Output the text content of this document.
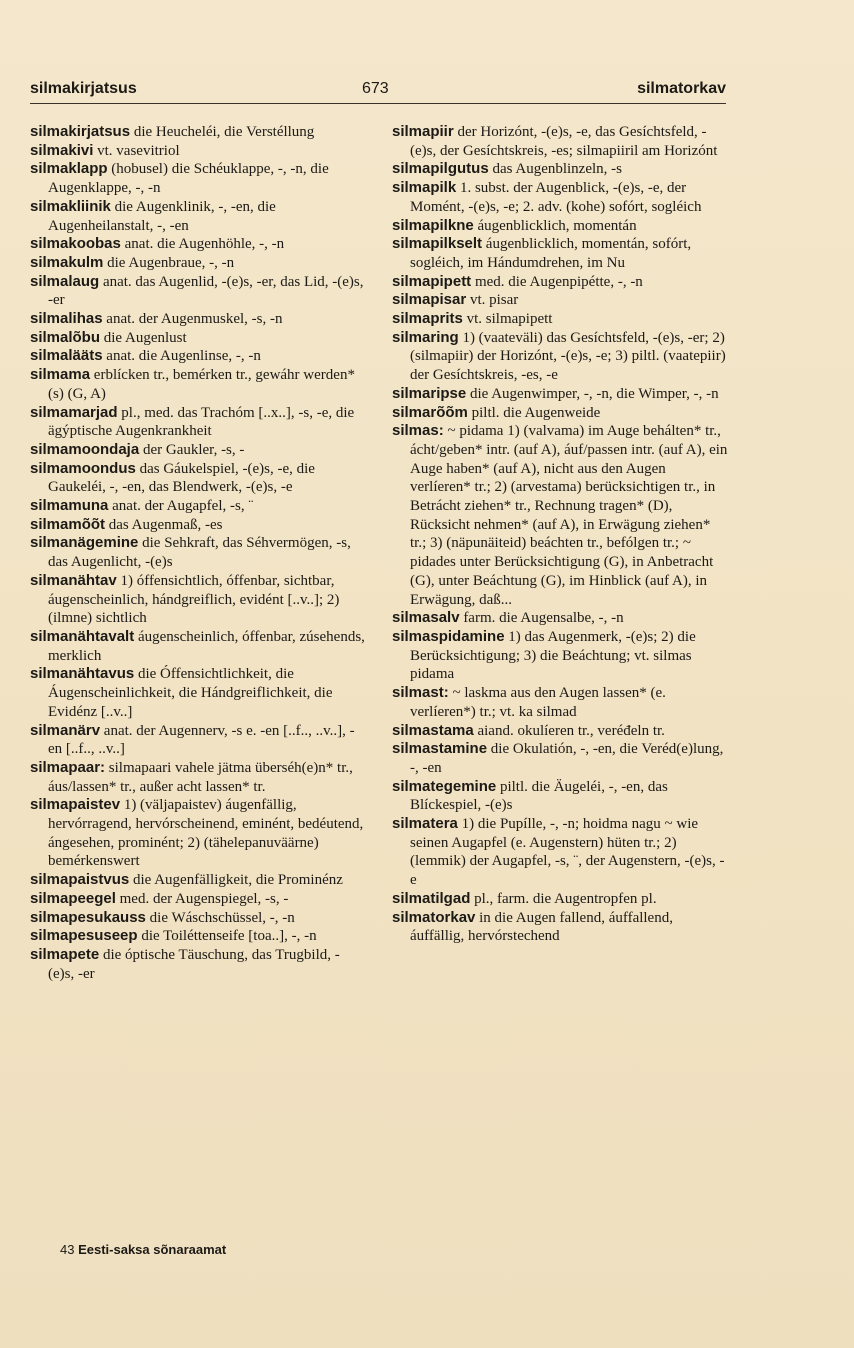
silmakirjatsus	673	silmatorkav

silmakirjatsus die Heucheléi, die Verstéllung

silmakivi vt. vasevitriol

silmaklapp (hobusel) die Schéuklappe, -, -n, die Augenklappe, -, -n

silmakliinik die Augenklinik, -, -en, die Augenheilanstalt, -, -en

silmakoobas anat. die Augenhöhle, -, -n

silmakulm die Augenbraue, -, -n

silmalaug anat. das Augenlid, -(e)s, -er, das Lid, -(e)s, -er

silmalihas anat. der Augenmuskel, -s, -n

silmalõbu die Augenlust

silmalääts anat. die Augenlinse, -, -n

silmama erblícken tr., bemérken tr., gewáhr werden* (s) (G, A)

silmamarjad pl., med. das Trachóm [..x..], -s, -e, die ägýptische Augenkrankheit

silmamoondaja der Gaukler, -s, -

silmamoondus das Gáukelspiel, -(e)s, -e, die Gaukeléi, -, -en, das Blendwerk, -(e)s, -e

silmamuna anat. der Augapfel, -s, ¨

silmamõõt das Augenmaß, -es

silmanägemine die Sehkraft, das Séhvermögen, -s, das Augenlicht, -(e)s

silmanähtav 1) óffensichtlich, óffenbar, sichtbar, áugenscheinlich, hándgreiflich, evidént [..v..]; 2) (ilmne) sichtlich

silmanähtavalt áugenscheinlich, óffenbar, zúsehends, merklich

silmanähtavus die Óffensichtlichkeit, die Áugenscheinlichkeit, die Hándgreiflichkeit, die Evidénz [..v..]

silmanärv anat. der Augennerv, -s e. -en [..f.., ..v..], -en [..f.., ..v..]

silmapaar: silmapaari vahele jätma überséh(e)n* tr., áus/lassen* tr., außer acht lassen* tr.

silmapaistev 1) (väljapaistev) áugenfällig, hervórragend, hervórscheinend, eminént, bedéutend, ángesehen, prominént; 2) (tähelepanuväärne) bemérkenswert

silmapaistvus die Augenfälligkeit, die Prominénz

silmapeegel med. der Augenspiegel, -s, -

silmapesukauss die Wáschschüssel, -, -n

silmapesuseep die Toiléttenseife [toa..], -, -n

silmapete die óptische Täuschung, das Trugbild, -(e)s, -er

silmapiir der Horizónt, -(e)s, -e, das Gesíchtsfeld, -(e)s, der Gesíchtskreis, -es; silmapiiril am Horizónt

silmapilgutus das Augenblinzeln, -s

silmapilk 1. subst. der Augenblick, -(e)s, -e, der Momént, -(e)s, -e; 2. adv. (kohe) sofórt, sogléich

silmapilkne áugenblicklich, momentán

silmapilkselt áugenblicklich, momentán, sofórt, sogléich, im Hándumdrehen, im Nu

silmapipett med. die Augenpipétte, -, -n

silmapisar vt. pisar

silmaprits vt. silmapipett

silmaring 1) (vaateväli) das Gesíchtsfeld, -(e)s, -er; 2) (silmapiir) der Horizónt, -(e)s, -e; 3) piltl. (vaatepiir) der Gesíchtskreis, -es, -e

silmaripse die Augenwimper, -, -n, die Wimper, -, -n

silmarõõm piltl. die Augenweide

silmas: ~ pidama 1) (valvama) im Auge behálten* tr., ácht/geben* intr. (auf A), áuf/passen intr. (auf A), ein Auge haben* (auf A), nicht aus den Augen verlíeren* tr.; 2) (arvestama) berücksichtigen tr., in Betrácht ziehen* tr., Rechnung tragen* (D), Rücksicht nehmen* (auf A), in Erwägung ziehen* tr.; 3) (näpunäiteid) beáchten tr., befólgen tr.; ~ pidades unter Berücksichtigung (G), in Anbetracht (G), unter Beáchtung (G), im Hinblick (auf A), in Erwägung, daß...

silmasalv farm. die Augensalbe, -, -n

silmaspidamine 1) das Augenmerk, -(e)s; 2) die Berücksichtigung; 3) die Beáchtung; vt. silmas pidama

silmast: ~ laskma aus den Augen lassen* (e. verlíeren*) tr.; vt. ka silmad

silmastama aiand. okulíeren tr., veréđeln tr.

silmastamine die Okulatión, -, -en, die Veréd(e)lung, -, -en

silmategemine piltl. die Äugeléi, -, -en, das Blíckespiel, -(e)s

silmatera 1) die Pupílle, -, -n; hoidma nagu ~ wie seinen Augapfel (e. Augenstern) hüten tr.; 2) (lemmik) der Augapfel, -s, ¨, der Augenstern, -(e)s, -e

silmatilgad pl., farm. die Augentropfen pl.

silmatorkav in die Augen fallend, áuffallend, áuffällig, hervórstechend

43 Eesti-saksa sõnaraamat
